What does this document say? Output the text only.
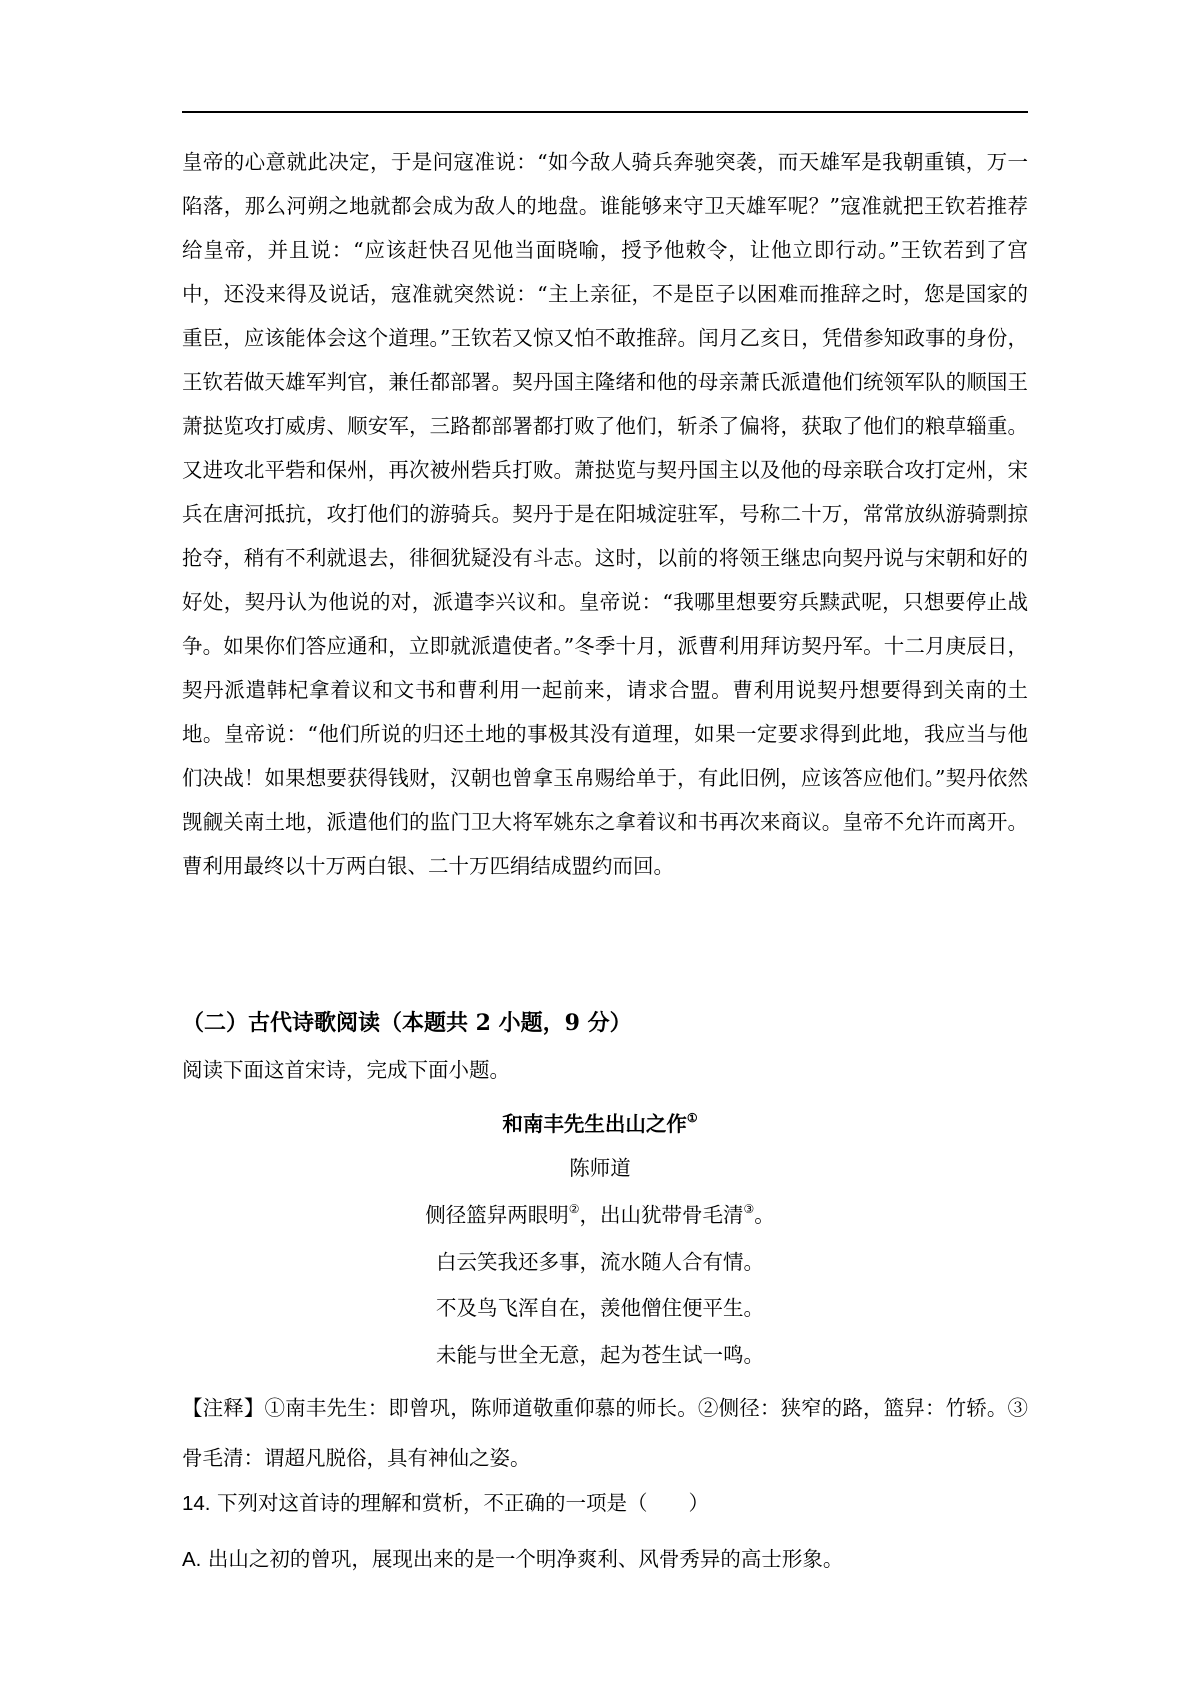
皇帝的心意就此决定，于是问寇准说：“如今敌人骑兵奔驰突袭，而天雄军是我朝重镇，万一陷落，那么河朔之地就都会成为敌人的地盘。谁能够来守卫天雄军呢？”寇准就把王钦若推荐给皇帝，并且说：“应该赶快召见他当面晓喻，授予他敕令，让他立即行动。”王钦若到了宫中，还没来得及说话，寇准就突然说：“主上亲征，不是臣子以困难而推辞之时，您是国家的重臣，应该能体会这个道理。”王钦若又惊又怕不敢推辞。闰月乙亥日，凭借参知政事的身份，王钦若做天雄军判官，兼任都部署。契丹国主隆绪和他的母亲萧氏派遣他们统领军队的顺国王萧挞览攻打威虏、顺安军，三路都部署都打败了他们，斩杀了偏将，获取了他们的粮草辎重。又进攻北平砦和保州，再次被州砦兵打败。萧挞览与契丹国主以及他的母亲联合攻打定州，宋兵在唐河抵抗，攻打他们的游骑兵。契丹于是在阳城淀驻军，号称二十万，常常放纵游骑剽掠抢夺，稍有不利就退去，徘徊犹疑没有斗志。这时，以前的将领王继忠向契丹说与宋朝和好的好处，契丹认为他说的对，派遣李兴议和。皇帝说：“我哪里想要穷兵黩武呢，只想要停止战争。如果你们答应通和，立即就派遣使者。”冬季十月，派曹利用拜访契丹军。十二月庚辰日，契丹派遣韩杞拿着议和文书和曹利用一起前来，请求合盟。曹利用说契丹想要得到关南的土地。皇帝说：“他们所说的归还土地的事极其没有道理，如果一定要求得到此地，我应当与他们决战！如果想要获得钱财，汉朝也曾拿玉帛赐给单于，有此旧例，应该答应他们。”契丹依然觊觎关南土地，派遣他们的监门卫大将军姚东之拿着议和书再次来商议。皇帝不允许而离开。曹利用最终以十万两白银、二十万匹绢结成盟约而回。

（二）古代诗歌阅读（本题共 2 小题，9 分）

阅读下面这首宋诗，完成下面小题。

和南丰先生出山之作①

陈师道

侧径篮舁两眼明②，出山犹带骨毛清③。

白云笑我还多事，流水随人合有情。

不及鸟飞浑自在，羡他僧住便平生。

未能与世全无意，起为苍生试一鸣。

【注释】①南丰先生：即曾巩，陈师道敬重仰慕的师长。②侧径：狭窄的路，篮舁：竹轿。③骨毛清：谓超凡脱俗，具有神仙之姿。

14. 下列对这首诗的理解和赏析，不正确的一项是（　　）

A. 出山之初的曾巩，展现出来的是一个明净爽利、风骨秀异的高士形象。
